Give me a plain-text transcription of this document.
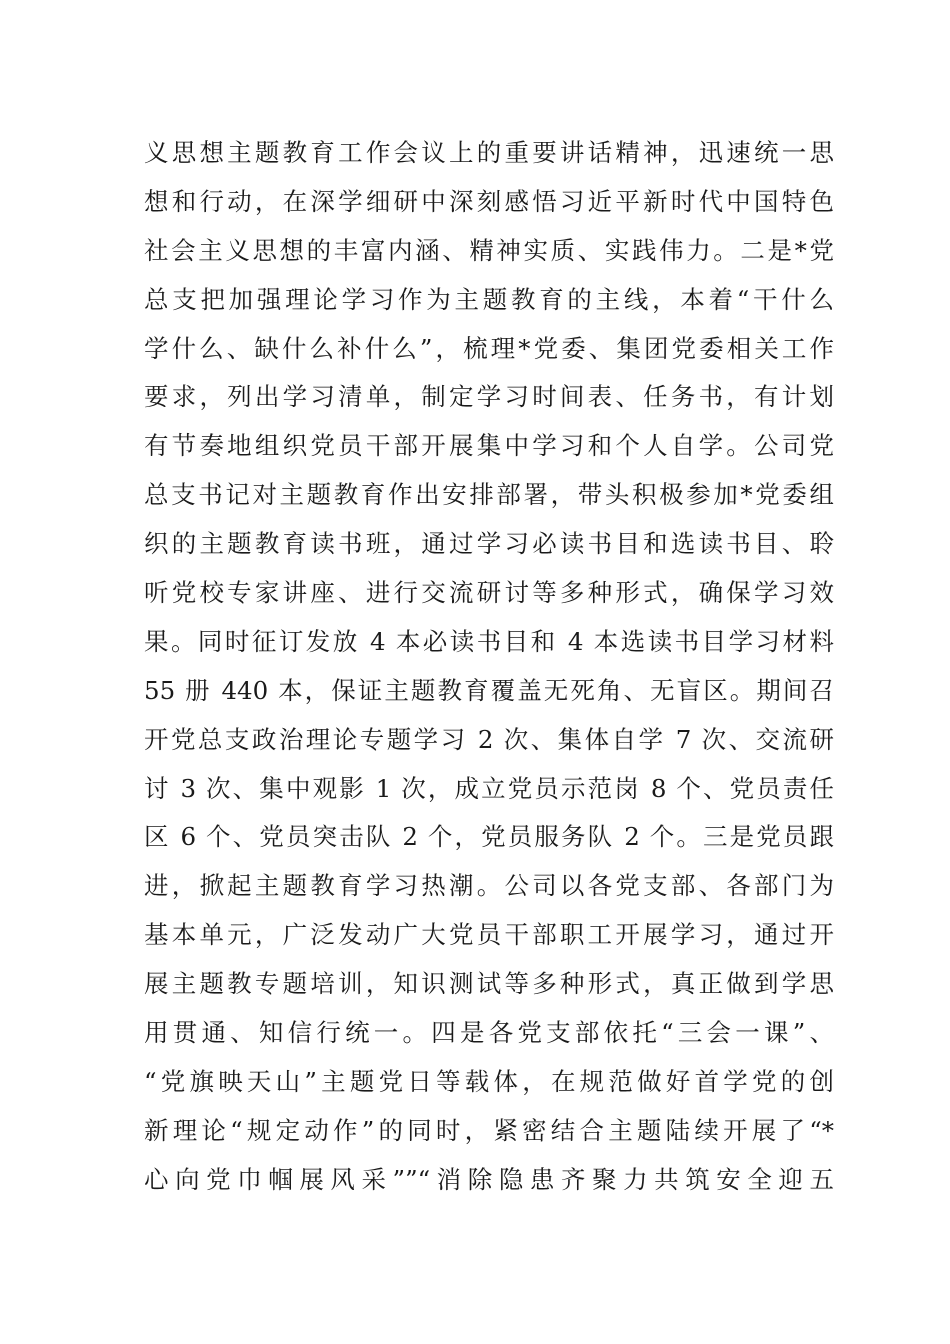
义思想主题教育工作会议上的重要讲话精神，迅速统一思
想和行动，在深学细研中深刻感悟习近平新时代中国特色
社会主义思想的丰富内涵、精神实质、实践伟力。二是*党
总支把加强理论学习作为主题教育的主线，本着“干什么
学什么、缺什么补什么”，梳理*党委、集团党委相关工作
要求，列出学习清单，制定学习时间表、任务书，有计划
有节奏地组织党员干部开展集中学习和个人自学。公司党
总支书记对主题教育作出安排部署，带头积极参加*党委组
织的主题教育读书班，通过学习必读书目和选读书目、聆
听党校专家讲座、进行交流研讨等多种形式，确保学习效
果。同时征订发放 4 本必读书目和 4 本选读书目学习材料
55 册 440 本，保证主题教育覆盖无死角、无盲区。期间召
开党总支政治理论专题学习 2 次、集体自学 7 次、交流研
讨 3 次、集中观影 1 次，成立党员示范岗 8 个、党员责任
区 6 个、党员突击队 2 个，党员服务队 2 个。三是党员跟
进，掀起主题教育学习热潮。公司以各党支部、各部门为
基本单元，广泛发动广大党员干部职工开展学习，通过开
展主题教专题培训，知识测试等多种形式，真正做到学思
用贯通、知信行统一。四是各党支部依托“三会一课”、
“党旗映天山”主题党日等载体，在规范做好首学党的创
新理论“规定动作”的同时，紧密结合主题陆续开展了“*
心向党巾帼展风采””“消除隐患齐聚力共筑安全迎五
